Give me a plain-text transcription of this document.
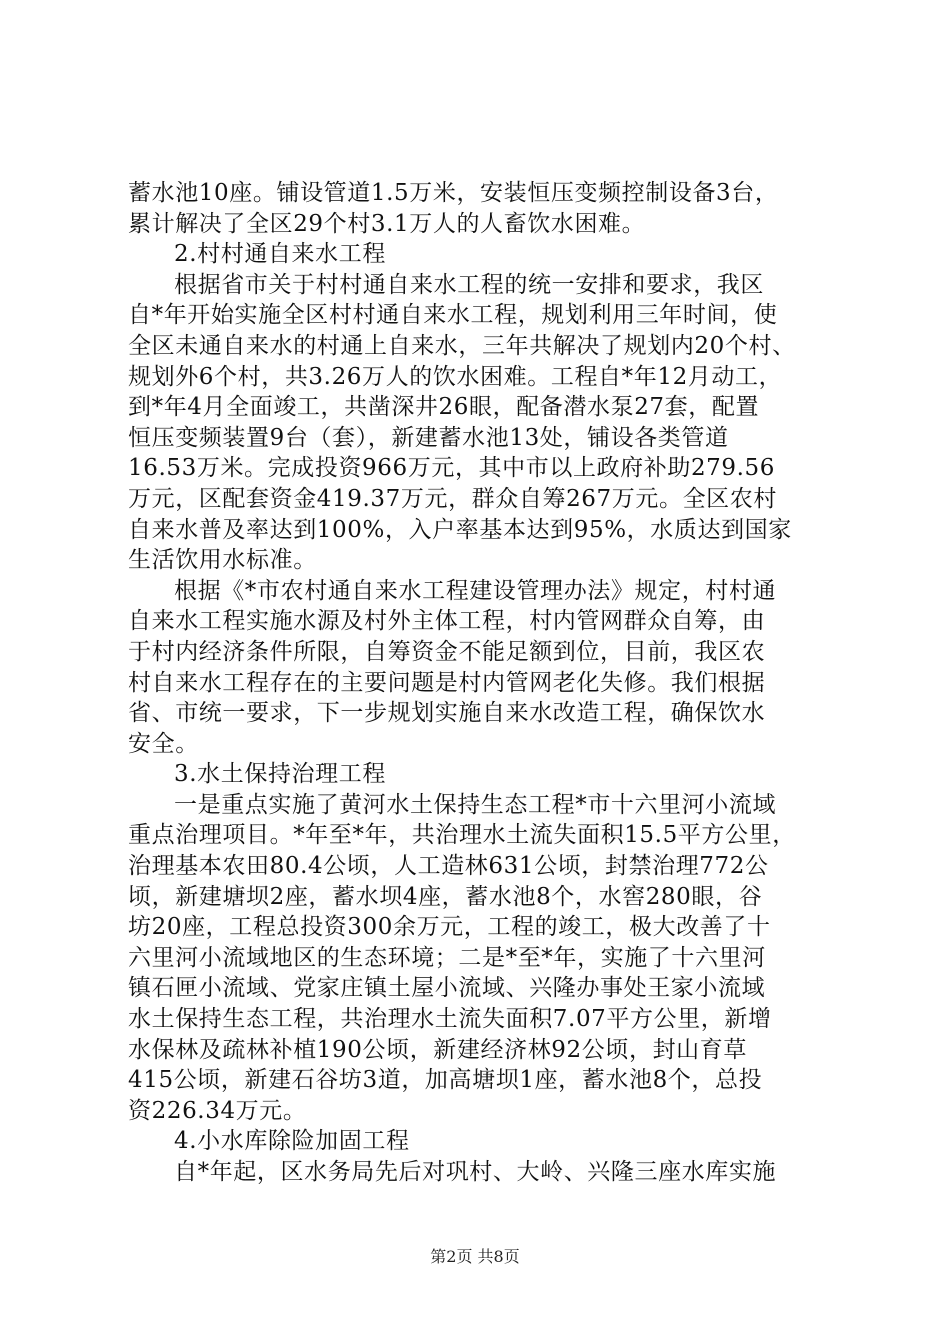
蓄水池10座。铺设管道1.5万米，安装恒压变频控制设备3台，
累计解决了全区29个村3.1万人的人畜饮水困难。
2.村村通自来水工程
根据省市关于村村通自来水工程的统一安排和要求，我区
自*年开始实施全区村村通自来水工程，规划利用三年时间，使
全区未通自来水的村通上自来水，三年共解决了规划内20个村、
规划外6个村，共3.26万人的饮水困难。工程自*年12月动工，
到*年4月全面竣工，共凿深井26眼，配备潜水泵27套，配置
恒压变频装置9台（套），新建蓄水池13处，铺设各类管道
16.53万米。完成投资966万元，其中市以上政府补助279.56
万元，区配套资金419.37万元，群众自筹267万元。全区农村
自来水普及率达到100%，入户率基本达到95%，水质达到国家
生活饮用水标准。
根据《*市农村通自来水工程建设管理办法》规定，村村通
自来水工程实施水源及村外主体工程，村内管网群众自筹，由
于村内经济条件所限，自筹资金不能足额到位，目前，我区农
村自来水工程存在的主要问题是村内管网老化失修。我们根据
省、市统一要求，下一步规划实施自来水改造工程，确保饮水
安全。
3.水土保持治理工程
一是重点实施了黄河水土保持生态工程*市十六里河小流域
重点治理项目。*年至*年，共治理水土流失面积15.5平方公里，
治理基本农田80.4公顷，人工造林631公顷，封禁治理772公
顷，新建塘坝2座，蓄水坝4座，蓄水池8个，水窖280眼，谷
坊20座，工程总投资300余万元，工程的竣工，极大改善了十
六里河小流域地区的生态环境；二是*至*年，实施了十六里河
镇石匣小流域、党家庄镇土屋小流域、兴隆办事处王家小流域
水土保持生态工程，共治理水土流失面积7.07平方公里，新增
水保林及疏林补植190公顷，新建经济林92公顷，封山育草
415公顷，新建石谷坊3道，加高塘坝1座，蓄水池8个，总投
资226.34万元。
4.小水库除险加固工程
自*年起，区水务局先后对巩村、大岭、兴隆三座水库实施
第2页 共8页
